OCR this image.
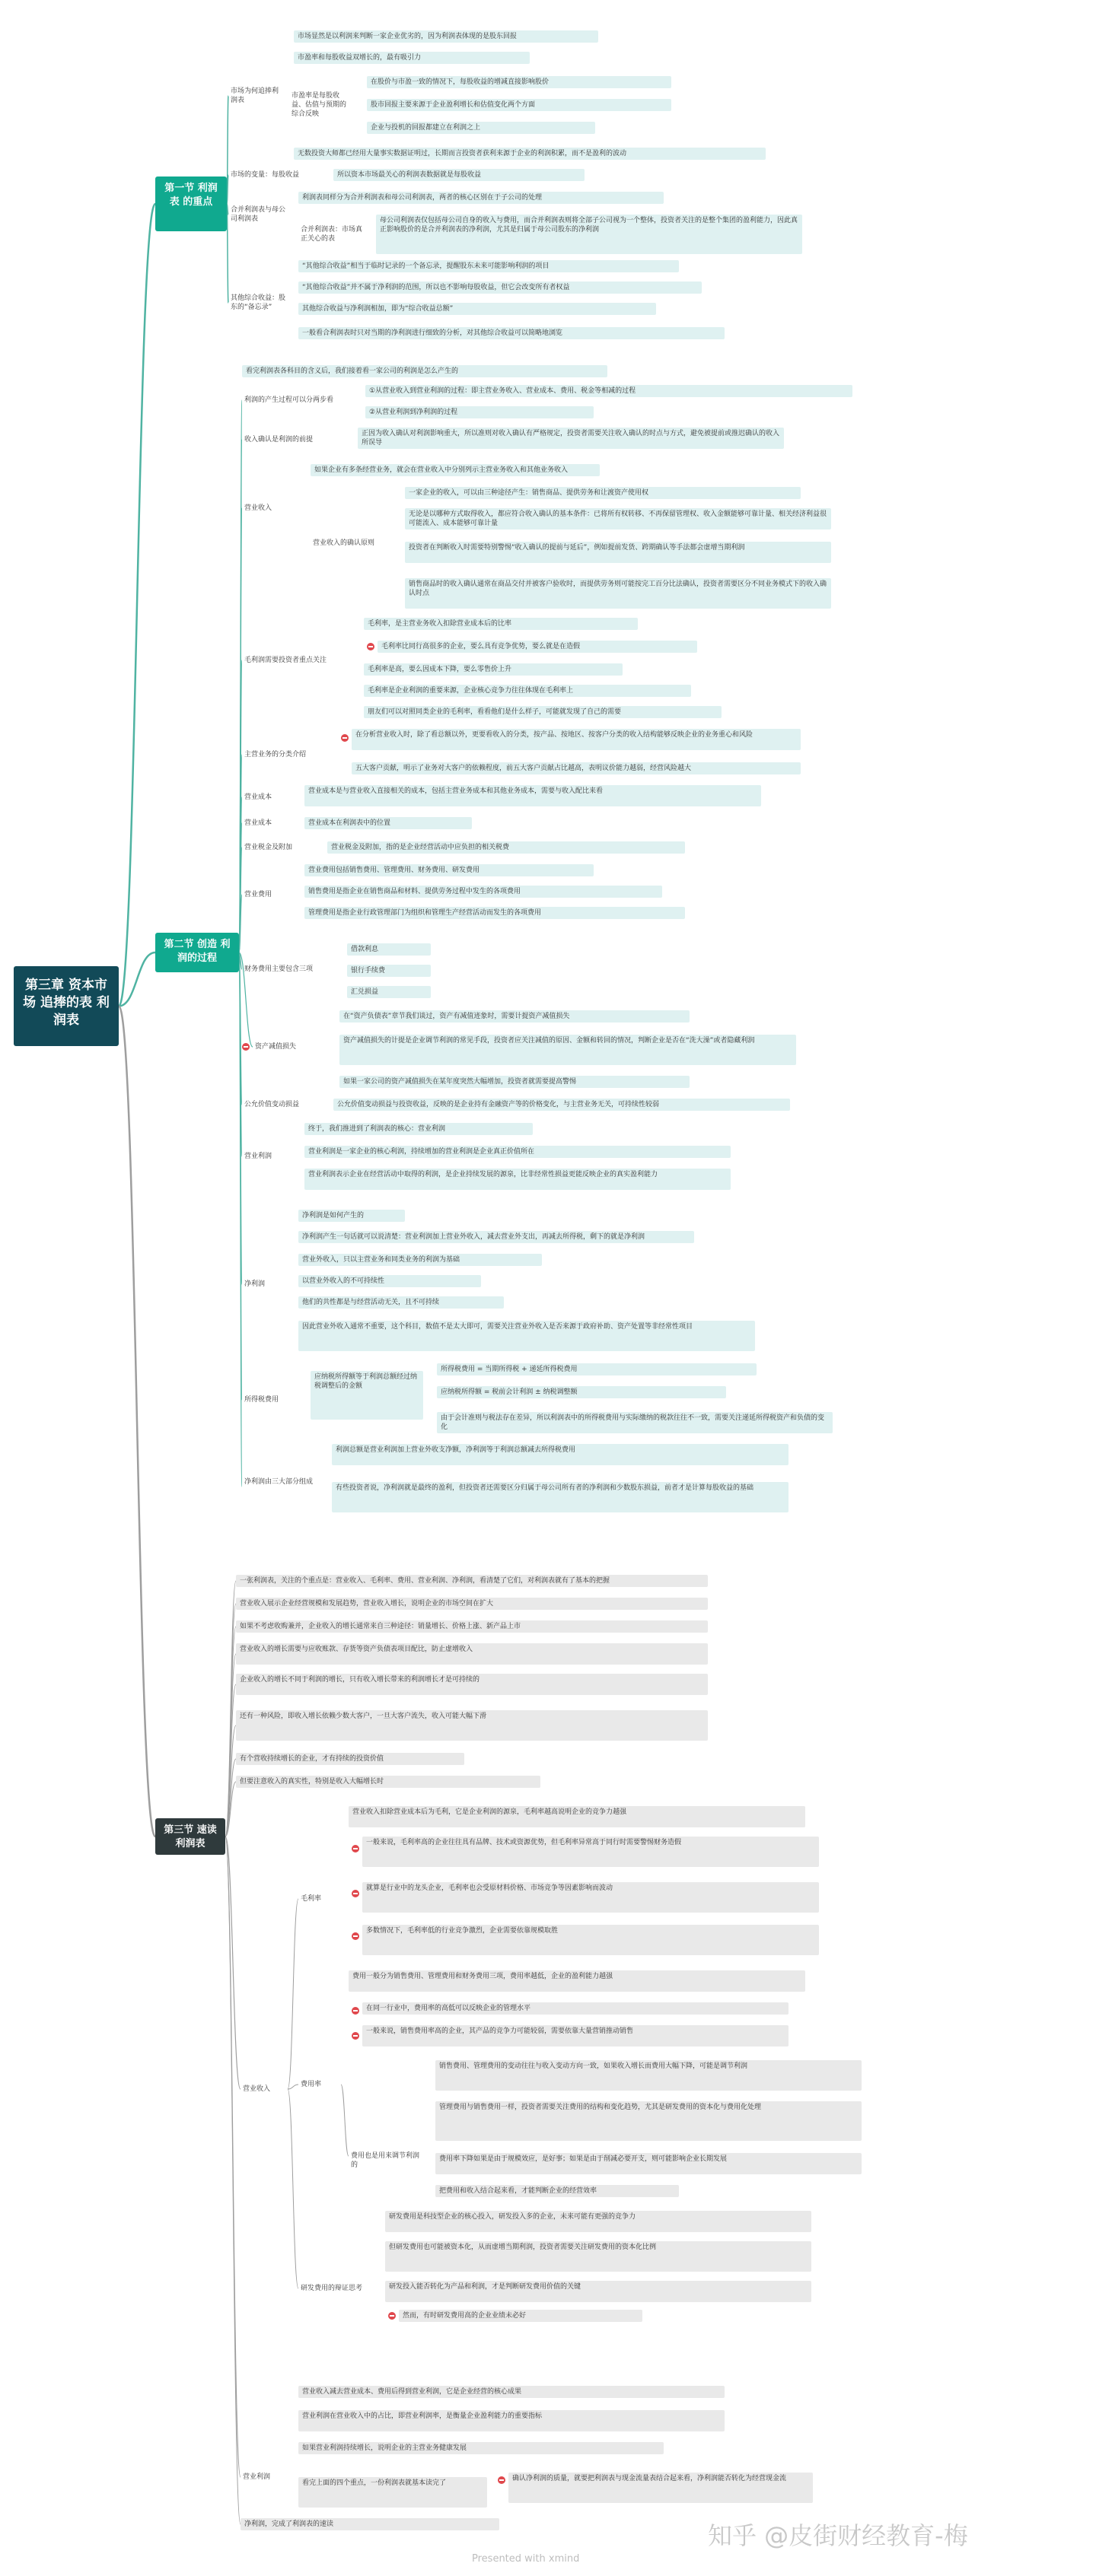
第三章 资本市场 追捧的表 利润表
第一节 利润表 的重点
第二节 创造 利润的过程
第三节 速读利润表
市场为何追捧利润表
市场显然是以利润来判断一家企业优劣的，因为利润表体现的是股东回报
市盈率和每股收益双增长的，最有吸引力
市盈率是每股收益、估值与预期的综合反映
在股价与市盈一致的情况下，每股收益的增减直接影响股价
股市回报主要来源于企业盈利增长和估值变化两个方面
企业与投机的回报都建立在利润之上
无数投资大师都已经用大量事实数据证明过，长期而言投资者获利来源于企业的利润积累，而不是盈利的波动
市场的变量：每股收益	所以资本市场最关心的利润表数据就是每股收益
合并利润表与母公司利润表
利润表同样分为合并利润表和母公司利润表，两者的核心区别在于子公司的处理
合并利润表：市场真正关心的表
母公司利润表仅包括母公司自身的收入与费用，而合并利润表则将全部子公司视为一个整体，投资者关注的是整个集团的盈利能力，因此真正影响股价的是合并利润表的净利润，尤其是归属于母公司股东的净利润
其他综合收益：股东的“备忘录”
“其他综合收益”相当于临时记录的一个备忘录，提醒股东未来可能影响利润的项目
“其他综合收益”并不属于净利润的范围，所以也不影响每股收益，但它会改变所有者权益
其他综合收益与净利润相加，即为“综合收益总额”
一般看合利润表时只对当期的净利润进行细致的分析，对其他综合收益可以简略地浏览
看完利润表各科目的含义后，我们接着看一家公司的利润是怎么产生的
利润的产生过程可以分两步看
①从营业收入到营业利润的过程：即主营业务收入、营业成本、费用、税金等相减的过程
②从营业利润到净利润的过程
收入确认是利润的前提
正因为收入确认对利润影响重大，所以准则对收入确认有严格规定，投资者需要关注收入确认的时点与方式，避免被提前或推迟确认的收入所误导
营业收入
如果企业有多条经营业务，就会在营业收入中分别列示主营业务收入和其他业务收入
营业收入的确认原则
一家企业的收入，可以由三种途径产生：销售商品、提供劳务和让渡资产使用权
无论是以哪种方式取得收入，都应符合收入确认的基本条件：已将所有权转移、不再保留管理权、收入金额能够可靠计量、相关经济利益很可能流入、成本能够可靠计量
投资者在判断收入时需要特别警惕“收入确认的提前与延后”，例如提前发货、跨期确认等手法都会虚增当期利润
销售商品时的收入确认通常在商品交付并被客户验收时，而提供劳务则可能按完工百分比法确认，投资者需要区分不同业务模式下的收入确认时点
毛利润需要投资者重点关注
毛利率，是主营业务收入扣除营业成本后的比率
毛利率比同行高很多的企业，要么具有竞争优势，要么就是在造假
毛利率是高，要么因成本下降，要么零售价上升
毛利率是企业利润的重要来源，企业核心竞争力往往体现在毛利率上
朋友们可以对照同类企业的毛利率，看看他们是什么样子，可能就发现了自己的需要
主营业务的分类介绍
在分析营业收入时，除了看总额以外，更要看收入的分类，按产品、按地区、按客户分类的收入结构能够反映企业的业务重心和风险
五大客户贡献，明示了业务对大客户的依赖程度，前五大客户贡献占比越高，表明议价能力越弱，经营风险越大
营业成本
营业成本是与营业收入直接相关的成本，包括主营业务成本和其他业务成本，需要与收入配比来看
营业成本	营业成本在利润表中的位置
营业税金及附加	营业税金及附加，指的是企业经营活动中应负担的相关税费
营业费用
营业费用包括销售费用、管理费用、财务费用、研发费用
销售费用是指企业在销售商品和材料、提供劳务过程中发生的各项费用
管理费用是指企业行政管理部门为组织和管理生产经营活动而发生的各项费用
财务费用主要包含三项
借款利息
银行手续费
汇兑损益
资产减值损失
在“资产负债表”章节我们谈过，资产有减值迹象时，需要计提资产减值损失
资产减值损失的计提是企业调节利润的常见手段，投资者应关注减值的原因、金额和转回的情况，判断企业是否在“洗大澡”或者隐藏利润
如果一家公司的资产减值损失在某年度突然大幅增加，投资者就需要提高警惕
公允价值变动损益	公允价值变动损益与投资收益，反映的是企业持有金融资产等的价格变化，与主营业务无关，可持续性较弱
营业利润
终于，我们推进到了利润表的核心：营业利润
营业利润是一家企业的核心利润，持续增加的营业利润是企业真正价值所在
营业利润表示企业在经营活动中取得的利润，是企业持续发展的源泉，比非经常性损益更能反映企业的真实盈利能力
净利润
净利润是如何产生的
净利润产生一句话就可以说清楚：营业利润加上营业外收入，减去营业外支出，再减去所得税，剩下的就是净利润
营业外收入，只以主营业务和同类业务的利润为基础
以营业外收入的不可持续性
他们的共性都是与经营活动无关，且不可持续
因此营业外收入通常不重要，这个科目，数值不是太大即可，需要关注营业外收入是否来源于政府补助、资产处置等非经常性项目
所得税费用
应纳税所得额等于利润总额经过纳税调整后的金额
所得税费用 = 当期所得税 + 递延所得税费用
应纳税所得额 = 税前会计利润 ± 纳税调整额
由于会计准则与税法存在差异，所以利润表中的所得税费用与实际缴纳的税款往往不一致，需要关注递延所得税资产和负债的变化
净利润由三大部分组成
利润总额是营业利润加上营业外收支净额，净利润等于利润总额减去所得税费用
有些投资者说，净利润就是最终的盈利，但投资者还需要区分归属于母公司所有者的净利润和少数股东损益，前者才是计算每股收益的基础
一张利润表，关注的个重点是：营业收入、毛利率、费用、营业利润、净利润，看清楚了它们，对利润表就有了基本的把握
营业收入展示企业经营规模和发展趋势，营业收入增长，说明企业的市场空间在扩大
如果不考虑收购兼并，企业收入的增长通常来自三种途径：销量增长、价格上涨、新产品上市
营业收入的增长需要与应收账款、存货等资产负债表项目配比，防止虚增收入
企业收入的增长不同于利润的增长，只有收入增长带来的利润增长才是可持续的
还有一种风险，即收入增长依赖少数大客户，一旦大客户流失，收入可能大幅下滑
有个营收持续增长的企业，才有持续的投资价值
但要注意收入的真实性，特别是收入大幅增长时
营业收入
毛利率
营业收入扣除营业成本后为毛利，它是企业利润的源泉，毛利率越高说明企业的竞争力越强
一般来说，毛利率高的企业往往具有品牌、技术或资源优势，但毛利率异常高于同行时需要警惕财务造假
就算是行业中的龙头企业，毛利率也会受原材料价格、市场竞争等因素影响而波动
多数情况下，毛利率低的行业竞争激烈，企业需要依靠规模取胜
费用率
费用一般分为销售费用、管理费用和财务费用三项，费用率越低，企业的盈利能力越强
在同一行业中，费用率的高低可以反映企业的管理水平
一般来说，销售费用率高的企业，其产品的竞争力可能较弱，需要依靠大量营销推动销售
费用也是用来调节利润的
销售费用、管理费用的变动往往与收入变动方向一致，如果收入增长而费用大幅下降，可能是调节利润
管理费用与销售费用一样，投资者需要关注费用的结构和变化趋势，尤其是研发费用的资本化与费用化处理
费用率下降如果是由于规模效应，是好事；如果是由于削减必要开支，则可能影响企业长期发展
把费用和收入结合起来看，才能判断企业的经营效率
研发费用的辩证思考
研发费用是科技型企业的核心投入，研发投入多的企业，未来可能有更强的竞争力
但研发费用也可能被资本化，从而虚增当期利润，投资者需要关注研发费用的资本化比例
研发投入能否转化为产品和利润，才是判断研发费用价值的关键
然而，有时研发费用高的企业业绩未必好
营业利润
营业收入减去营业成本、费用后得到营业利润，它是企业经营的核心成果
营业利润在营业收入中的占比，即营业利润率，是衡量企业盈利能力的重要指标
如果营业利润持续增长，说明企业的主营业务健康发展
看完上面的四个重点，一份利润表就基本读完了
确认净利润的质量，就要把利润表与现金流量表结合起来看，净利润能否转化为经营现金流
净利润，完成了利润表的速读	知乎 @皮街财经教育-梅
Presented with xmind
